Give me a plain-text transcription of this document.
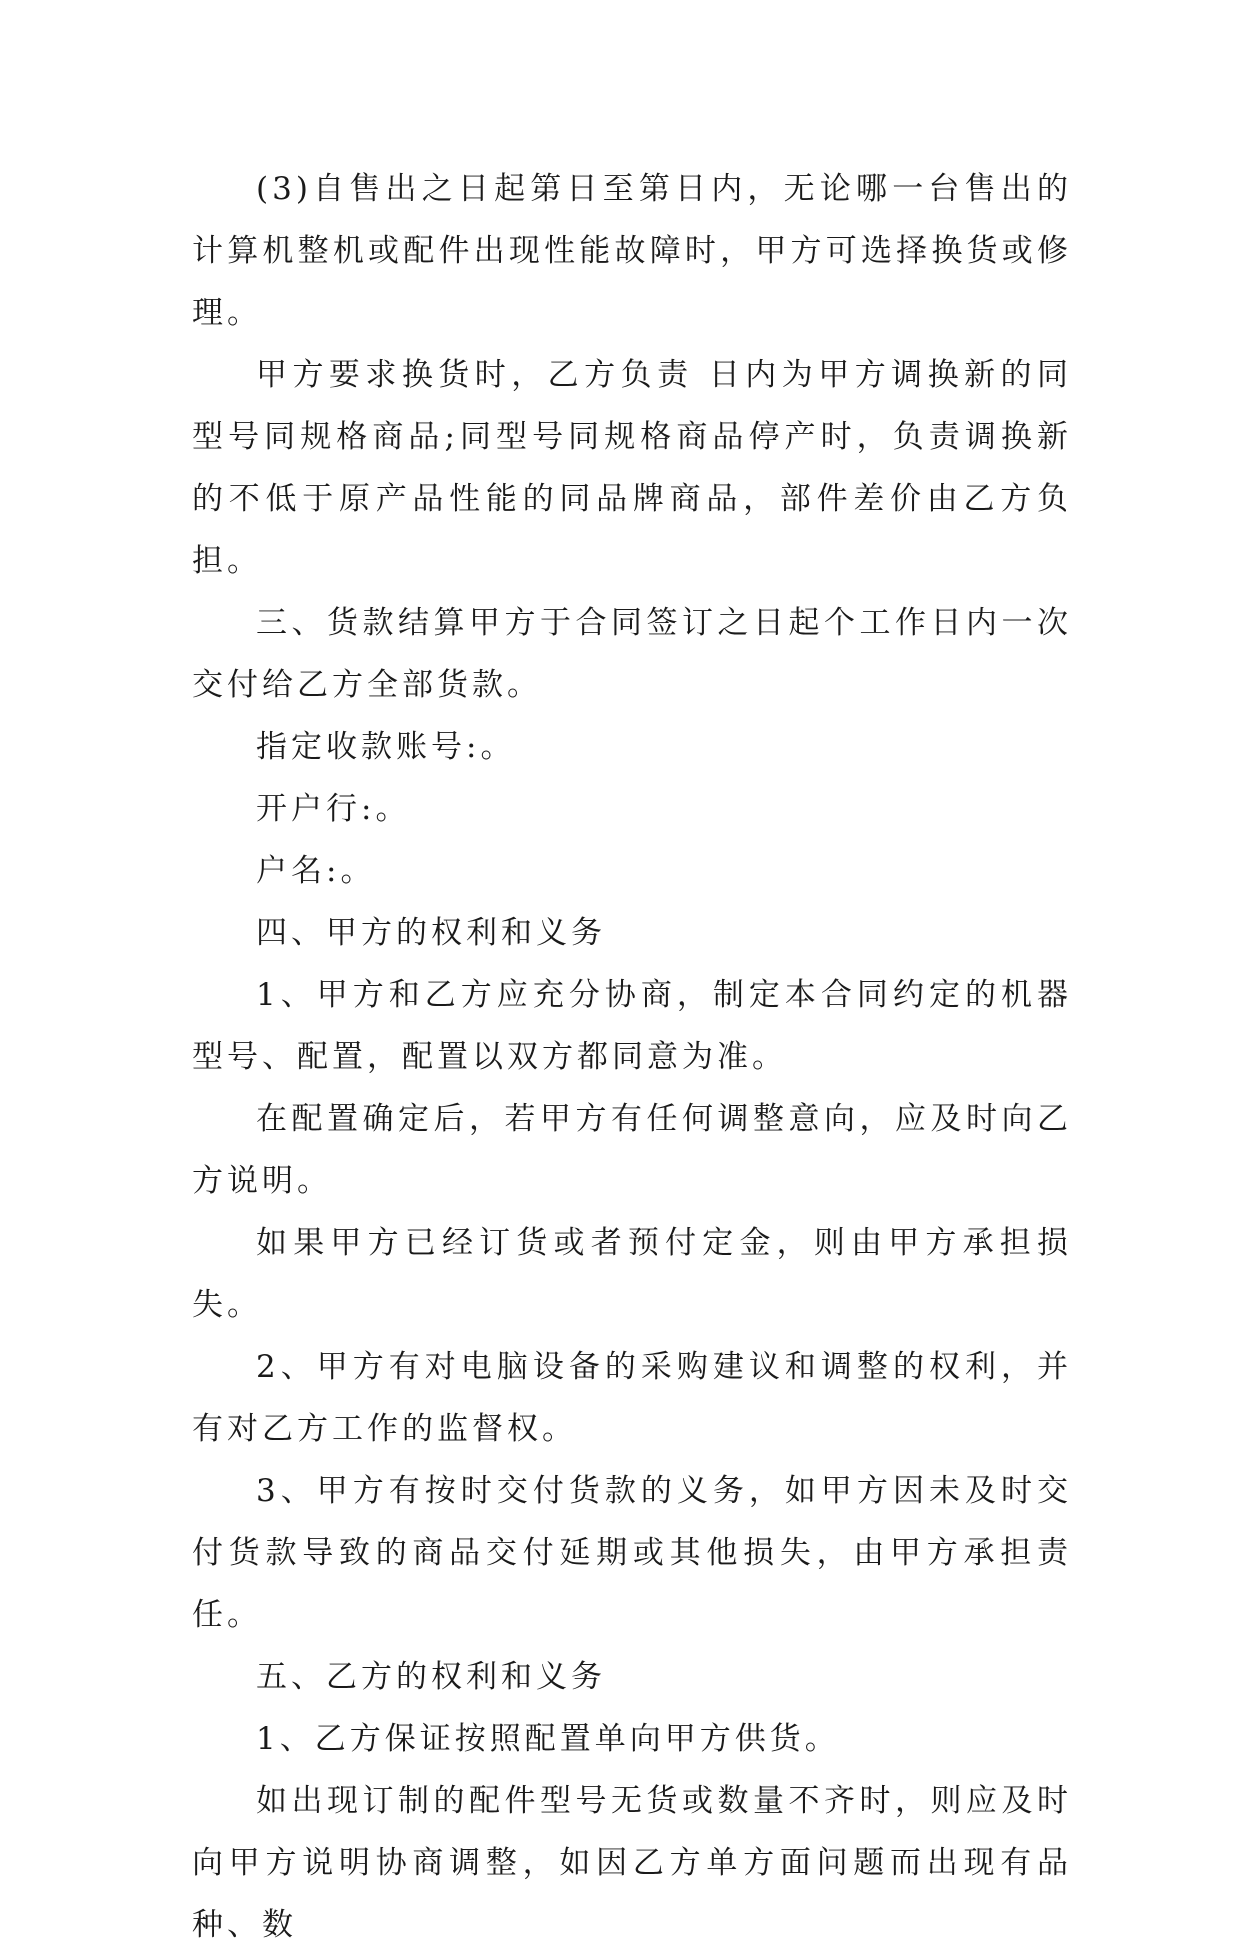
(3)自售出之日起第日至第日内，无论哪一台售出的计算机整机或配件出现性能故障时，甲方可选择换货或修理。

甲方要求换货时，乙方负责 日内为甲方调换新的同型号同规格商品;同型号同规格商品停产时，负责调换新的不低于原产品性能的同品牌商品，部件差价由乙方负担。

三、货款结算甲方于合同签订之日起个工作日内一次交付给乙方全部货款。

指定收款账号:。

开户行:。

户名:。

四、甲方的权利和义务

1、甲方和乙方应充分协商，制定本合同约定的机器型号、配置，配置以双方都同意为准。

在配置确定后，若甲方有任何调整意向，应及时向乙方说明。

如果甲方已经订货或者预付定金，则由甲方承担损失。

2、甲方有对电脑设备的采购建议和调整的权利，并有对乙方工作的监督权。

3、甲方有按时交付货款的义务，如甲方因未及时交付货款导致的商品交付延期或其他损失，由甲方承担责任。

五、乙方的权利和义务

1、乙方保证按照配置单向甲方供货。

如出现订制的配件型号无货或数量不齐时，则应及时向甲方说明协商调整，如因乙方单方面问题而出现有品种、数
